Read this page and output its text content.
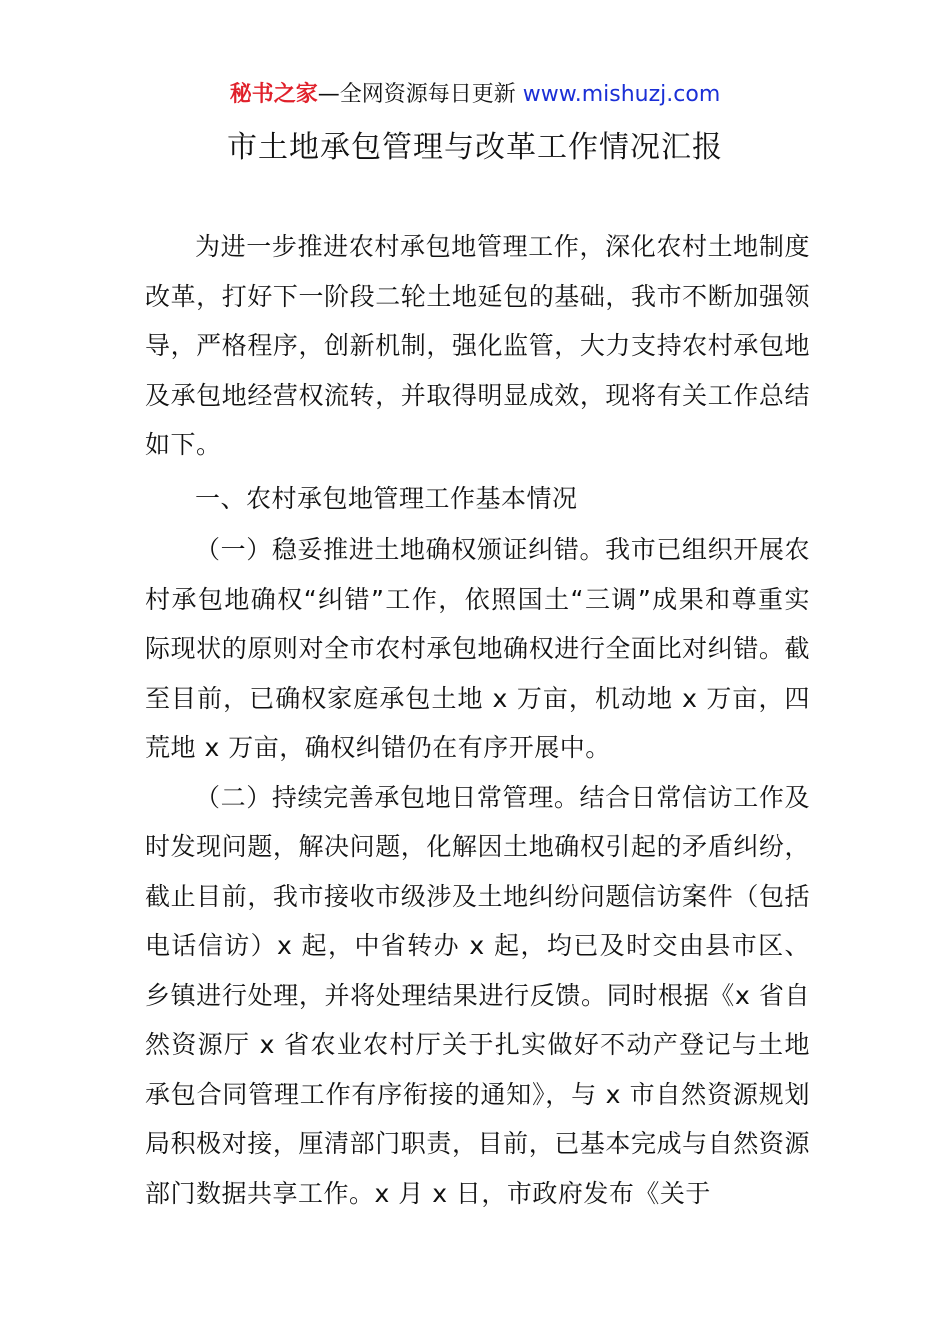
秘书之家—全网资源每日更新 www.mishuzj.com
市土地承包管理与改革工作情况汇报

为进一步推进农村承包地管理工作，深化农村土地制度改革，打好下一阶段二轮土地延包的基础，我市不断加强领导，严格程序，创新机制，强化监管，大力支持农村承包地及承包地经营权流转，并取得明显成效，现将有关工作总结如下。

一、农村承包地管理工作基本情况

（一）稳妥推进土地确权颁证纠错。我市已组织开展农村承包地确权“纠错”工作，依照国土“三调”成果和尊重实际现状的原则对全市农村承包地确权进行全面比对纠错。截至目前，已确权家庭承包土地 x 万亩，机动地 x 万亩，四荒地 x 万亩，确权纠错仍在有序开展中。

（二）持续完善承包地日常管理。结合日常信访工作及时发现问题，解决问题，化解因土地确权引起的矛盾纠纷，截止目前，我市接收市级涉及土地纠纷问题信访案件（包括电话信访）x 起，中省转办 x 起，均已及时交由县市区、乡镇进行处理，并将处理结果进行反馈。同时根据《x 省自然资源厅 x 省农业农村厅关于扎实做好不动产登记与土地承包合同管理工作有序衔接的通知》，与 x 市自然资源规划局积极对接，厘清部门职责，目前，已基本完成与自然资源部门数据共享工作。x 月 x 日，市政府发布《关于
